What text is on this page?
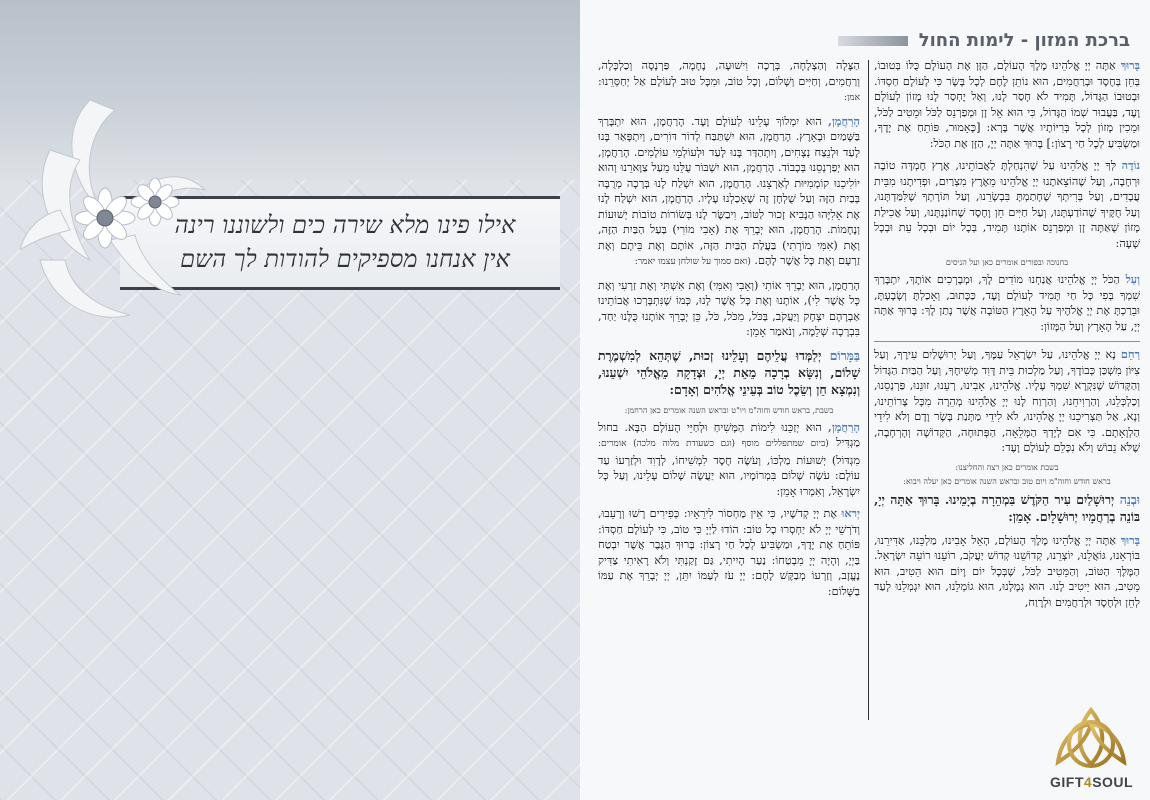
אילו פינו מלא שירה כים ולשוננו רינה
אין אנחנו מספיקים להודות לך השם
ברכת המזון - לימות החול

בָּרוּךְ אַתָּה יְיָ אֱלֹהֵינוּ מֶלֶךְ הָעוֹלָם, הַזָּן אֶת הָעוֹלָם כֻּלּוֹ בְּטוּבוֹ, בְּחֵן בְּחֶסֶד וּבְרַחֲמִים, הוּא נוֹתֵן לֶחֶם לְכָל בָּשָׂר כִּי לְעוֹלָם חַסְדּוֹ. וּבְטוּבוֹ הַגָּדוֹל, תָּמִיד לֹא חָסַר לָנוּ, וְאַל יֶחְסַר לָנוּ מָזוֹן לְעוֹלָם וָעֶד, בַּעֲבוּר שְׁמוֹ הַגָּדוֹל, כִּי הוּא אֵל זָן וּמְפַרְנֵס לַכֹּל וּמֵטִיב לַכֹּל, וּמֵכִין מָזוֹן לְכָל בְּרִיּוֹתָיו אֲשֶׁר בָּרָא: [כָּאָמוּר, פּוֹתֵחַ אֶת יָדֶךָ, וּמַשְׂבִּיעַ לְכָל חַי רָצוֹן:] בָּרוּךְ אַתָּה יְיָ, הַזָּן אֶת הַכֹּל:

נוֹדֶה לְּךָ יְיָ אֱלֹהֵינוּ עַל שֶׁהִנְחַלְתָּ לַאֲבוֹתֵינוּ, אֶרֶץ חֶמְדָּה טוֹבָה וּרְחָבָה, וְעַל שֶׁהוֹצֵאתָנוּ יְיָ אֱלֹהֵינוּ מֵאֶרֶץ מִצְרַיִם, וּפְדִיתָנוּ מִבֵּית עֲבָדִים, וְעַל בְּרִיתְךָ שֶׁחָתַמְתָּ בִּבְשָׂרֵנוּ, וְעַל תּוֹרָתְךָ שֶׁלִּמַּדְתָּנוּ, וְעַל חֻקֶּיךָ שֶׁהוֹדַעְתָּנוּ, וְעַל חַיִּים חֵן וָחֶסֶד שֶׁחוֹנַנְתָּנוּ, וְעַל אֲכִילַת מָזוֹן שָׁאַתָּה זָן וּמְפַרְנֵס אוֹתָנוּ תָּמִיד, בְּכָל יוֹם וּבְכָל עֵת וּבְכָל שָׁעָה:

בחנוכה ובפורים אומרים כאן ועל הניסים

וְעַל הַכֹּל יְיָ אֱלֹהֵינוּ אֲנַחְנוּ מוֹדִים לָךְ, וּמְבָרְכִים אוֹתָךְ, יִתְבָּרַךְ שִׁמְךָ בְּפִי כָּל חַי תָּמִיד לְעוֹלָם וָעֶד, כַּכָּתוּב, וְאָכַלְתָּ וְשָׂבָעְתָּ, וּבֵרַכְתָּ אֶת יְיָ אֱלֹהֶיךָ עַל הָאָרֶץ הַטּוֹבָה אֲשֶׁר נָתַן לָךְ: בָּרוּךְ אַתָּה יְיָ, עַל הָאָרֶץ וְעַל הַמָּזוֹן:

רַחֵם נָא יְיָ אֱלֹהֵינוּ, עַל יִשְׂרָאֵל עַמֶּךָ, וְעַל יְרוּשָׁלַיִם עִירֶךָ, וְעַל צִיּוֹן מִשְׁכַּן כְּבוֹדֶךָ, וְעַל מַלְכוּת בֵּית דָּוִד מְשִׁיחֶךָ, וְעַל הַבַּיִת הַגָּדוֹל וְהַקָּדוֹשׁ שֶׁנִּקְרָא שִׁמְךָ עָלָיו. אֱלֹהֵינוּ, אָבִינוּ, רְעֵנוּ, זוּנֵנוּ, פַּרְנְסֵנוּ, וְכַלְכְּלֵנוּ, וְהַרְוִיחֵנוּ, וְהַרְוַח לָנוּ יְיָ אֱלֹהֵינוּ מְהֵרָה מִכָּל צָרוֹתֵינוּ, וְנָא, אַל תַּצְרִיכֵנוּ יְיָ אֱלֹהֵינוּ, לֹא לִידֵי מַתְּנַת בָּשָׂר וָדָם וְלֹא לִידֵי הַלְוָאָתָם. כִּי אִם לְיָדְךָ הַמְּלֵאָה, הַפְּתוּחָה, הַקְּדוֹשָׁה וְהָרְחָבָה, שֶׁלֹּא נֵבוֹשׁ וְלֹא נִכָּלֵם לְעוֹלָם וָעֶד:

בשבת אומרים כאן רצה והחליצנו:
בראש חודש וחוה"מ ויום טוב ובראש השנה אומרים כאן יעלה ויבוא:

וּבְנֵה יְרוּשָׁלַיִם עִיר הַקֹּדֶשׁ בִּמְהֵרָה בְיָמֵינוּ. בָּרוּךְ אַתָּה יְיָ, בּוֹנֵה בְרַחֲמָיו יְרוּשָׁלָיִם. אָמֵן:

בָּרוּךְ אַתָּה יְיָ אֱלֹהֵינוּ מֶלֶךְ הָעוֹלָם, הָאֵל אָבִינוּ, מַלְכֵּנוּ, אַדִּירֵנוּ, בּוֹרְאֵנוּ, גּוֹאֲלֵנוּ, יוֹצְרֵנוּ, קְדוֹשֵׁנוּ קְדוֹשׁ יַעֲקֹב, רוֹעֵנוּ רוֹעֵה יִשְׂרָאֵל. הַמֶּלֶךְ הַטּוֹב, וְהַמֵּטִיב לַכֹּל, שֶׁבְּכָל יוֹם וָיוֹם הוּא הֵטִיב, הוּא מֵטִיב, הוּא יֵיטִיב לָנוּ. הוּא גְמָלָנוּ, הוּא גוֹמְלֵנוּ, הוּא יִגְמְלֵנוּ לָעַד לְחֵן וּלְחֶסֶד וּלְרַחֲמִים וּלְרֶוַח,

הַצָּלָה וְהַצְלָחָה, בְּרָכָה וִישׁוּעָה, נֶחָמָה, פַּרְנָסָה וְכַלְכָּלָה, וְרַחֲמִים, וְחַיִּים וְשָׁלוֹם, וְכָל טוֹב, וּמִכָּל טוּב לְעוֹלָם אַל יְחַסְּרֵנוּ: אמן:

הָרַחֲמָן, הוּא יִמְלוֹךְ עָלֵינוּ לְעוֹלָם וָעֶד. הָרַחֲמָן, הוּא יִתְבָּרַךְ בַּשָּׁמַיִם וּבָאָרֶץ. הָרַחֲמָן, הוּא יִשְׁתַּבַּח לְדוֹר דּוֹרִים, וְיִתְפָּאַר בָּנוּ לָעַד וּלְנֵצַח נְצָחִים, וְיִתְהַדַּר בָּנוּ לָעַד וּלְעוֹלְמֵי עוֹלָמִים. הָרַחֲמָן, הוּא יְפַרְנְסֵנוּ בְּכָבוֹד. הָרַחֲמָן, הוּא יִשְׁבּוֹר עֻלֵּנוּ מֵעַל צַוָּארֵנוּ וְהוּא יוֹלִיכֵנוּ קוֹמְמִיּוּת לְאַרְצֵנוּ. הָרַחֲמָן, הוּא יִשְׁלַח לָנוּ בְּרָכָה מְרֻבָּה בְּבַיִת הַזֶּה וְעַל שֻׁלְחָן זֶה שֶׁאָכַלְנוּ עָלָיו. הָרַחֲמָן, הוּא יִשְׁלַח לָנוּ אֶת אֵלִיָּהוּ הַנָּבִיא זָכוּר לַטּוֹב, וִיבַשֶּׂר לָנוּ בְּשׂוֹרוֹת טוֹבוֹת יְשׁוּעוֹת וְנֶחָמוֹת. הָרַחֲמָן, הוּא יְבָרֵךְ אֶת (אָבִי מוֹרִי) בַּעַל הַבַּיִת הַזֶּה, וְאֶת (אִמִּי מוֹרָתִי) בַּעֲלַת הַבַּיִת הַזֶּה, אוֹתָם וְאֶת בֵּיתָם וְאֶת זַרְעָם וְאֶת כָּל אֲשֶׁר לָהֶם. (ואם סמוך על שולחן עצמו יאמר:

הָרַחֲמָן, הוּא יְבָרֵךְ אוֹתִי (וְאָבִי וְאִמִּי) וְאֶת אִשְׁתִּי וְאֶת זַרְעִי וְאֶת כָּל אֲשֶׁר לִי), אוֹתָנוּ וְאֶת כָּל אֲשֶׁר לָנוּ, כְּמוֹ שֶׁנִּתְבָּרְכוּ אֲבוֹתֵינוּ אַבְרָהָם יִצְחָק וְיַעֲקֹב, בַּכֹּל, מִכֹּל, כֹּל, כֵּן יְבָרֵךְ אוֹתָנוּ כֻּלָּנוּ יַחַד, בִּבְרָכָה שְׁלֵמָה, וְנֹאמַר אָמֵן:

בַּמָּרוֹם יְלַמְּדוּ עֲלֵיהֶם וְעָלֵינוּ זְכוּת, שֶׁתְּהֵא לְמִשְׁמֶרֶת שָׁלוֹם, וְנִשָּׂא בְרָכָה מֵאֵת יְיָ, וּצְדָקָה מֵאֱלֹהֵי יִשְׁעֵנוּ, וְנִמְצָא חֵן וְשֵׂכֶל טוֹב בְּעֵינֵי אֱלֹהִים וְאָדָם:

בשבת, בראש חודש וחוה"מ ויו"ט ובראש השנה אומרים כאן הרחמן:

הָרַחֲמָן, הוּא יְזַכֵּנוּ לִימוֹת הַמָּשִׁיחַ וּלְחַיֵּי הָעוֹלָם הַבָּא. בחול מַגְדִּיל (ביום שמתפללים מוסף (וגם כשעודת מלוה מלכה) אומרים: מִגְדּוֹל) יְשׁוּעוֹת מַלְכּוֹ, וְעֹשֶׂה חֶסֶד לִמְשִׁיחוֹ, לְדָוִד וּלְזַרְעוֹ עַד עוֹלָם: עֹשֶׂה שָׁלוֹם בִּמְרוֹמָיו, הוּא יַעֲשֶׂה שָׁלוֹם עָלֵינוּ, וְעַל כָּל יִשְׂרָאֵל, וְאִמְרוּ אָמֵן:

יְראוּ אֶת יְיָ קְדֹשָׁיו, כִּי אֵין מַחְסוֹר לִירֵאָיו: כְּפִירִים רָשׁוּ וְרָעֵבוּ, וְדֹרְשֵׁי יְיָ לֹא יַחְסְרוּ כָל טוֹב: הוֹדוּ לַיְיָ כִּי טוֹב, כִּי לְעוֹלָם חַסְדּוֹ: פּוֹתֵחַ אֶת יָדֶךָ, וּמַשְׂבִּיעַ לְכָל חַי רָצוֹן: בָּרוּךְ הַגֶּבֶר אֲשֶׁר יִבְטַח בַּיְיָ, וְהָיָה יְיָ מִבְטַחוֹ: נַעַר הָיִיתִי, גַּם זָקַנְתִּי וְלֹא רָאִיתִי צַדִּיק נֶעֱזָב, וְזַרְעוֹ מְבַקֶּשׁ לָחֶם: יְיָ עֹז לְעַמּוֹ יִתֵּן, יְיָ יְבָרֵךְ אֶת עַמּוֹ בַשָּׁלוֹם:

GIFT4SOUL
